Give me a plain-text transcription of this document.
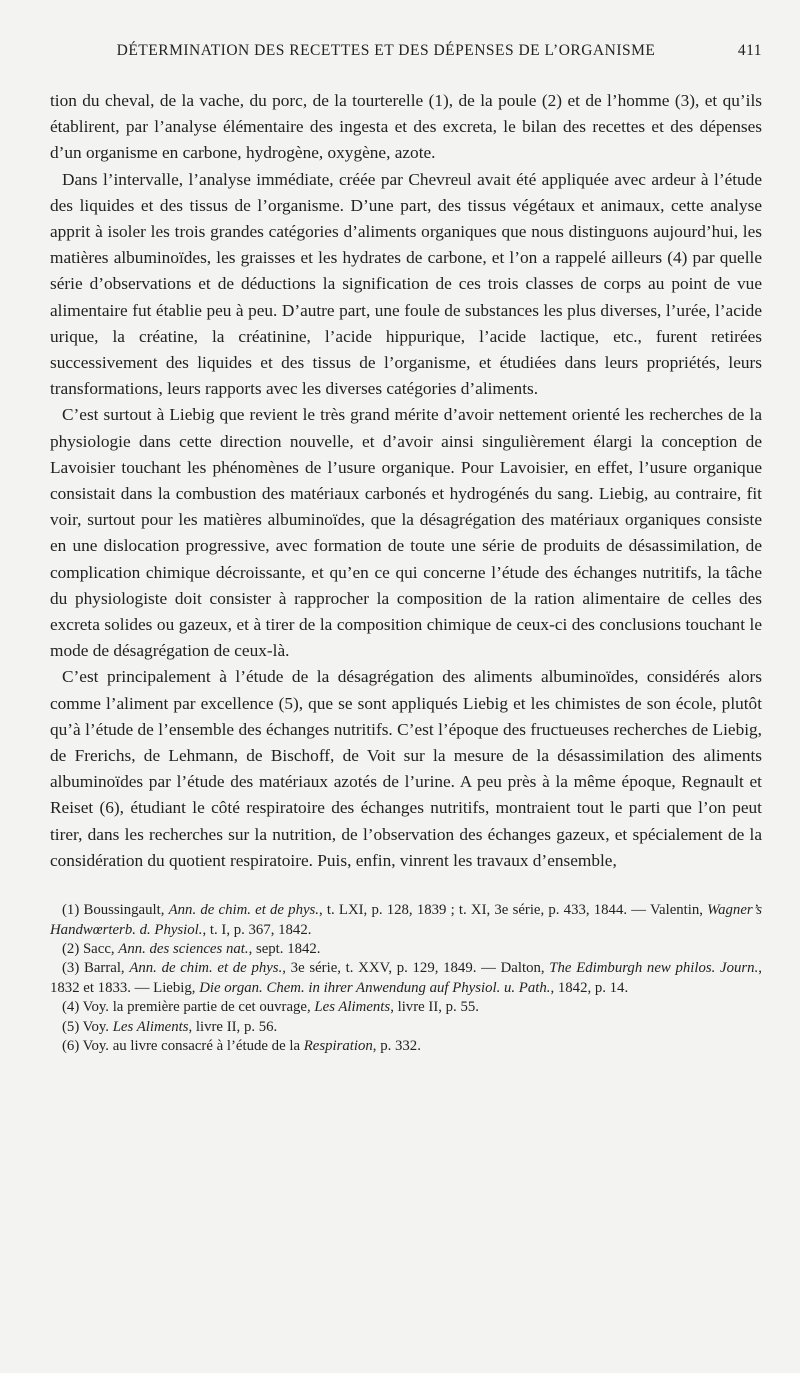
DÉTERMINATION DES RECETTES ET DES DÉPENSES DE L’ORGANISME	411

tion du cheval, de la vache, du porc, de la tourterelle (1), de la poule (2) et de l’homme (3), et qu’ils établirent, par l’analyse élémentaire des ingesta et des excreta, le bilan des recettes et des dépenses d’un organisme en carbone, hydrogène, oxygène, azote.

Dans l’intervalle, l’analyse immédiate, créée par Chevreul avait été appliquée avec ardeur à l’étude des liquides et des tissus de l’organisme. D’une part, des tissus végétaux et animaux, cette analyse apprit à isoler les trois grandes catégories d’aliments organiques que nous distinguons aujourd’hui, les matières albuminoïdes, les graisses et les hydrates de carbone, et l’on a rappelé ailleurs (4) par quelle série d’observations et de déductions la signification de ces trois classes de corps au point de vue alimentaire fut établie peu à peu. D’autre part, une foule de substances les plus diverses, l’urée, l’acide urique, la créatine, la créatinine, l’acide hippurique, l’acide lactique, etc., furent retirées successivement des liquides et des tissus de l’organisme, et étudiées dans leurs propriétés, leurs transformations, leurs rapports avec les diverses catégories d’aliments.

C’est surtout à Liebig que revient le très grand mérite d’avoir nettement orienté les recherches de la physiologie dans cette direction nouvelle, et d’avoir ainsi singulièrement élargi la conception de Lavoisier touchant les phénomènes de l’usure organique. Pour Lavoisier, en effet, l’usure organique consistait dans la combustion des matériaux carbonés et hydrogénés du sang. Liebig, au contraire, fit voir, surtout pour les matières albuminoïdes, que la désagrégation des matériaux organiques consiste en une dislocation progressive, avec formation de toute une série de produits de désassimilation, de complication chimique décroissante, et qu’en ce qui concerne l’étude des échanges nutritifs, la tâche du physiologiste doit consister à rapprocher la composition de la ration alimentaire de celles des excreta solides ou gazeux, et à tirer de la composition chimique de ceux-ci des conclusions touchant le mode de désagrégation de ceux-là.

C’est principalement à l’étude de la désagrégation des aliments albuminoïdes, considérés alors comme l’aliment par excellence (5), que se sont appliqués Liebig et les chimistes de son école, plutôt qu’à l’étude de l’ensemble des échanges nutritifs. C’est l’époque des fructueuses recherches de Liebig, de Frerichs, de Lehmann, de Bischoff, de Voit sur la mesure de la désassimilation des aliments albuminoïdes par l’étude des matériaux azotés de l’urine. A peu près à la même époque, Regnault et Reiset (6), étudiant le côté respiratoire des échanges nutritifs, montraient tout le parti que l’on peut tirer, dans les recherches sur la nutrition, de l’observation des échanges gazeux, et spécialement de la considération du quotient respiratoire. Puis, enfin, vinrent les travaux d’ensemble,

(1) Boussingault, Ann. de chim. et de phys., t. LXI, p. 128, 1839 ; t. XI, 3e série, p. 433, 1844. — Valentin, Wagner’s Handwœrterb. d. Physiol., t. I, p. 367, 1842.

(2) Sacc, Ann. des sciences nat., sept. 1842.

(3) Barral, Ann. de chim. et de phys., 3e série, t. XXV, p. 129, 1849. — Dalton, The Edimburgh new philos. Journ., 1832 et 1833. — Liebig, Die organ. Chem. in ihrer Anwendung auf Physiol. u. Path., 1842, p. 14.

(4) Voy. la première partie de cet ouvrage, Les Aliments, livre II, p. 55.

(5) Voy. Les Aliments, livre II, p. 56.

(6) Voy. au livre consacré à l’étude de la Respiration, p. 332.
